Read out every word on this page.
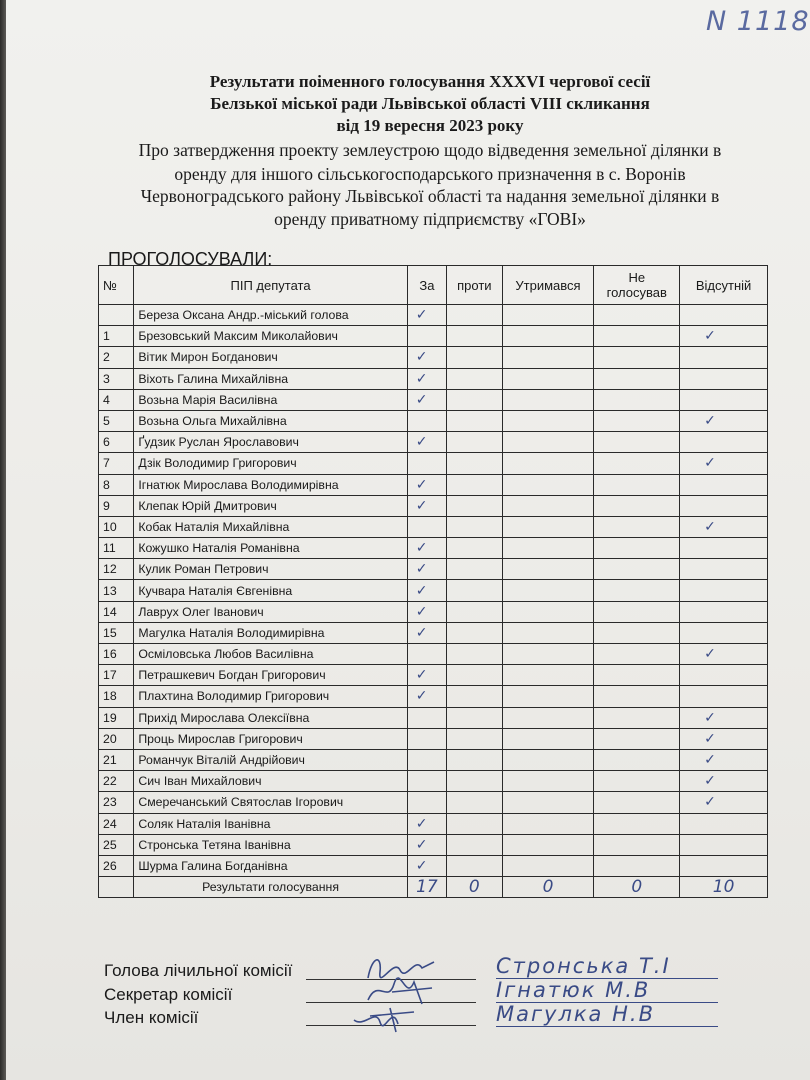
N 1118
Результати поіменного голосування XXXVI чергової сесії
Белзької міської ради Львівської області VIII скликання
від 19 вересня 2023 року
Про затвердження проекту землеустрою щодо відведення земельної ділянки в
оренду для іншого сільськогосподарського призначення в с. Воронів
Червоноградського району Львівської області та надання земельної ділянки в
оренду приватному підприємству «ГОВІ»
ПРОГОЛОСУВАЛИ:
№	ПІП депутата	За	проти	Утримався	Не
голосував	Відсутній
	Береза Оксана Андр.-міський голова	✓				
1	Брезовський Максим Миколайович					✓
2	Вітик Мирон Богданович	✓				
3	Віхоть Галина Михайлівна	✓				
4	Возьна Марія Василівна	✓				
5	Возьна Ольга Михайлівна					✓
6	Ґудзик Руслан Ярославович	✓				
7	Дзік Володимир Григорович					✓
8	Ігнатюк Мирослава Володимирівна	✓				
9	Клепак Юрій Дмитрович	✓				
10	Кобак Наталія Михайлівна					✓
11	Кожушко Наталія Романівна	✓				
12	Кулик Роман Петрович	✓				
13	Кучвара Наталія Євгенівна	✓				
14	Лаврух Олег Іванович	✓				
15	Магулка Наталія Володимирівна	✓				
16	Осміловська Любов Василівна					✓
17	Петрашкевич Богдан Григорович	✓				
18	Плахтина Володимир Григорович	✓				
19	Прихід Мирослава Олексіївна					✓
20	Проць Мирослав Григорович					✓
21	Романчук Віталій Андрійович					✓
22	Сич Іван Михайлович					✓
23	Смеречанський Святослав Ігорович					✓
24	Соляк Наталія Іванівна	✓				
25	Стронська Тетяна Іванівна	✓				
26	Шурма Галина Богданівна	✓				
	Результати голосування	17	0	0	0	10
Голова лічильної комісії
Секретар комісії
Член комісії
Стронська Т.І
Ігнатюк М.В
Магулка Н.В
